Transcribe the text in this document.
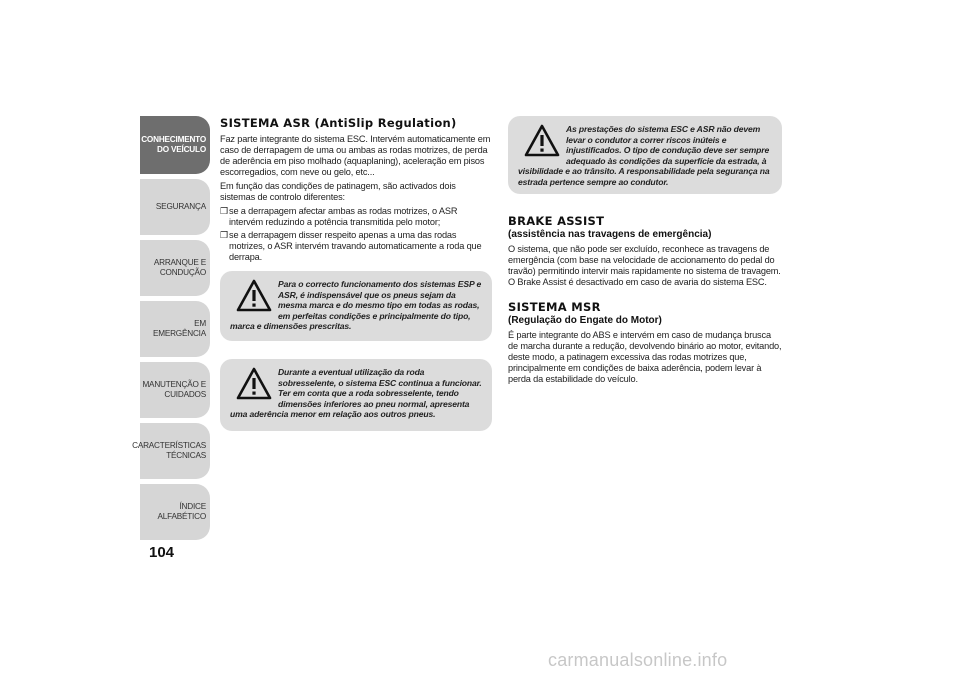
CONHECIMENTO
DO VEÍCULO
SEGURANÇA
ARRANQUE E
CONDUÇÃO
EM EMERGÊNCIA
MANUTENÇÃO E
CUIDADOS
CARACTERÍSTICAS
TÉCNICAS
ÍNDICE ALFABÉTICO
104
SISTEMA ASR (AntiSlip Regulation)

Faz parte integrante do sistema ESC. Intervém automaticamente em caso de derrapagem de uma ou ambas as rodas motrizes, de perda de aderência em piso molhado (aquaplaning), aceleração em pisos escorregadios, com neve ou gelo, etc...

Em função das condições de patinagem, são activados dois sistemas de controlo diferentes:

❒ se a derrapagem afectar ambas as rodas motrizes, o ASR intervém reduzindo a potência transmitida pelo motor;
❒ se a derrapagem disser respeito apenas a uma das rodas motrizes, o ASR intervém travando automaticamente a roda que derrapa.
Para o correcto funcionamento dos sistemas ESP e ASR, é indispensável que os pneus sejam da mesma marca e do mesmo tipo em todas as rodas, em perfeitas condições e principalmente do tipo, marca e dimensões prescritas.
Durante a eventual utilização da roda sobresselente, o sistema ESC continua a funcionar. Ter em conta que a roda sobresselente, tendo dimensões inferiores ao pneu normal, apresenta uma aderência menor em relação aos outros pneus.
As prestações do sistema ESC e ASR não devem levar o condutor a correr riscos inúteis e injustificados. O tipo de condução deve ser sempre adequado às condições da superfície da estrada, à visibilidade e ao trânsito. A responsabilidade pela segurança na estrada pertence sempre ao condutor.
BRAKE ASSIST
(assistência nas travagens de emergência)

O sistema, que não pode ser excluído, reconhece as travagens de emergência (com base na velocidade de accionamento do pedal do travão) permitindo intervir mais rapidamente no sistema de travagem. O Brake Assist é desactivado em caso de avaria do sistema ESC.

SISTEMA MSR
(Regulação do Engate do Motor)

É parte integrante do ABS e intervém em caso de mudança brusca de marcha durante a redução, devolvendo binário ao motor, evitando, deste modo, a patinagem excessiva das rodas motrizes que, principalmente em condições de baixa aderência, podem levar à perda da estabilidade do veículo.

carmanualsonline.info
